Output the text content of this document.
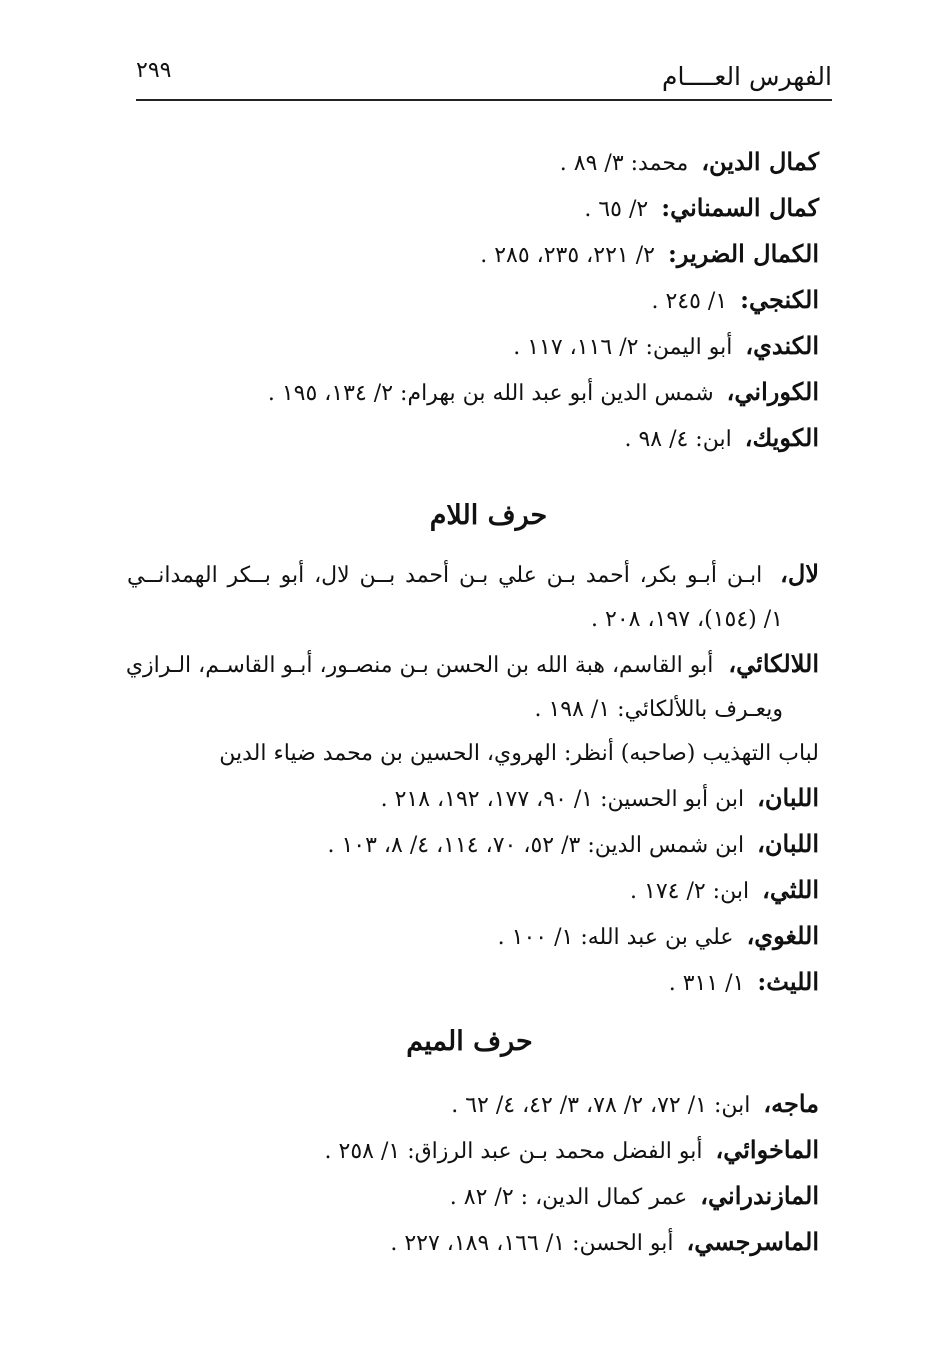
الفهرس العــــام
٢٩٩
كمال الدين، محمد: ٣/ ٨٩ .
كمال السمناني: ٢/ ٦٥ .
الكمال الضرير: ٢/ ٢٢١، ٢٣٥، ٢٨٥ .
الكنجي: ١/ ٢٤٥ .
الكندي، أبو اليمن: ٢/ ١١٦، ١١٧ .
الكوراني، شمس الدين أبو عبد الله بن بهرام: ٢/ ١٣٤، ١٩٥ .
الكويك، ابن: ٤/ ٩٨ .
حرف اللام
لال، ابـن أبـو بكر، أحمد بـن علي بـن أحمد بــن لال، أبو بــكر الهمدانــي
١/ (١٥٤)، ١٩٧، ٢٠٨ .
اللالكائي، أبو القاسم، هبة الله بن الحسن بـن منصـور، أبـو القاسـم، الـرازي
ويعـرف باللألكائي: ١/ ١٩٨ .
لباب التهذيب (صاحبه) أنظر: الهروي، الحسين بن محمد ضياء الدين
اللبان، ابن أبو الحسين: ١/ ٩٠، ١٧٧، ١٩٢، ٢١٨ .
اللبان، ابن شمس الدين: ٣/ ٥٢، ٧٠، ١١٤، ٤/ ٨، ١٠٣ .
اللثي، ابن: ٢/ ١٧٤ .
اللغوي، علي بن عبد الله: ١/ ١٠٠ .
الليث: ١/ ٣١١ .
حرف الميم
ماجه، ابن: ١/ ٧٢، ٢/ ٧٨، ٣/ ٤٢، ٤/ ٦٢ .
الماخوائي، أبو الفضل محمد بـن عبد الرزاق: ١/ ٢٥٨ .
المازندراني، عمر كمال الدين، : ٢/ ٨٢ .
الماسرجسي، أبو الحسن: ١/ ١٦٦، ١٨٩، ٢٢٧ .
